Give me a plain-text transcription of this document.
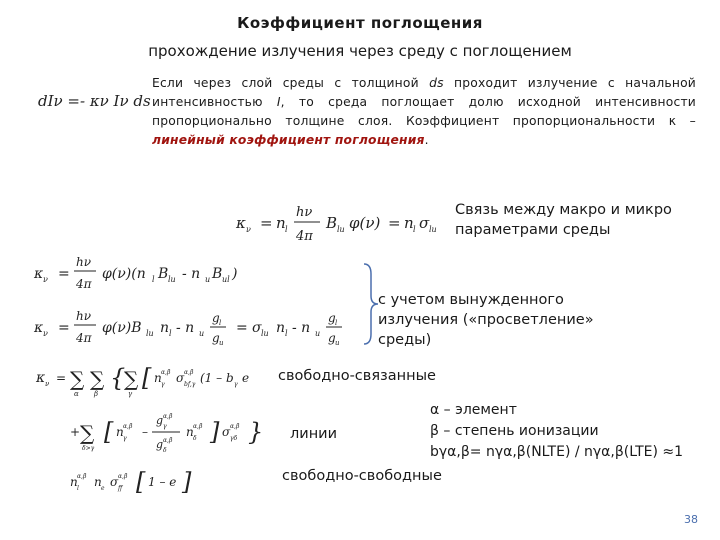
Коэффициент поглощения
прохождение излучения через среду с поглощением
dIν =- κν Iν ds
Если через слой среды с толщиной ds проходит излучение с начальной интенсивностью I, то среда поглощает долю исходной интенсивности пропорционально толщине слоя. Коэффициент пропорциональности κ – линейный коэффициент поглощения.
κ ν = n l
hν
4π
B lu φ(ν) = n l σ lu
Связь между макро и микро параметрами среды
κ ν =
hν
4π
φ(ν)(n l B lu - n u B ul )
κ ν =
hν
4π
φ(ν)B lu n l - n u
g l
g u
= σ lu n l - n u
g l
g u
с учетом вынужденного излучения («просветление» среды)
κ ν = ∑
α
∑
β
{
∑
γ
[ n α,β
γ σ α,β
bf,γ (1 – b γ e
+ ∑
δ>γ
[ n α,β
γ –
g α,β
γ
g α,β
δ
n α,β
δ ] σ α,β
γδ }
n α,β
l n e σ α,β
ff [ 1 – e ]
свободно-связанные
линии
свободно-свободные
α – элемент
β – степень ионизации
bγα,β= nγα,β(NLTE) / nγα,β(LTE) ≈1
38
